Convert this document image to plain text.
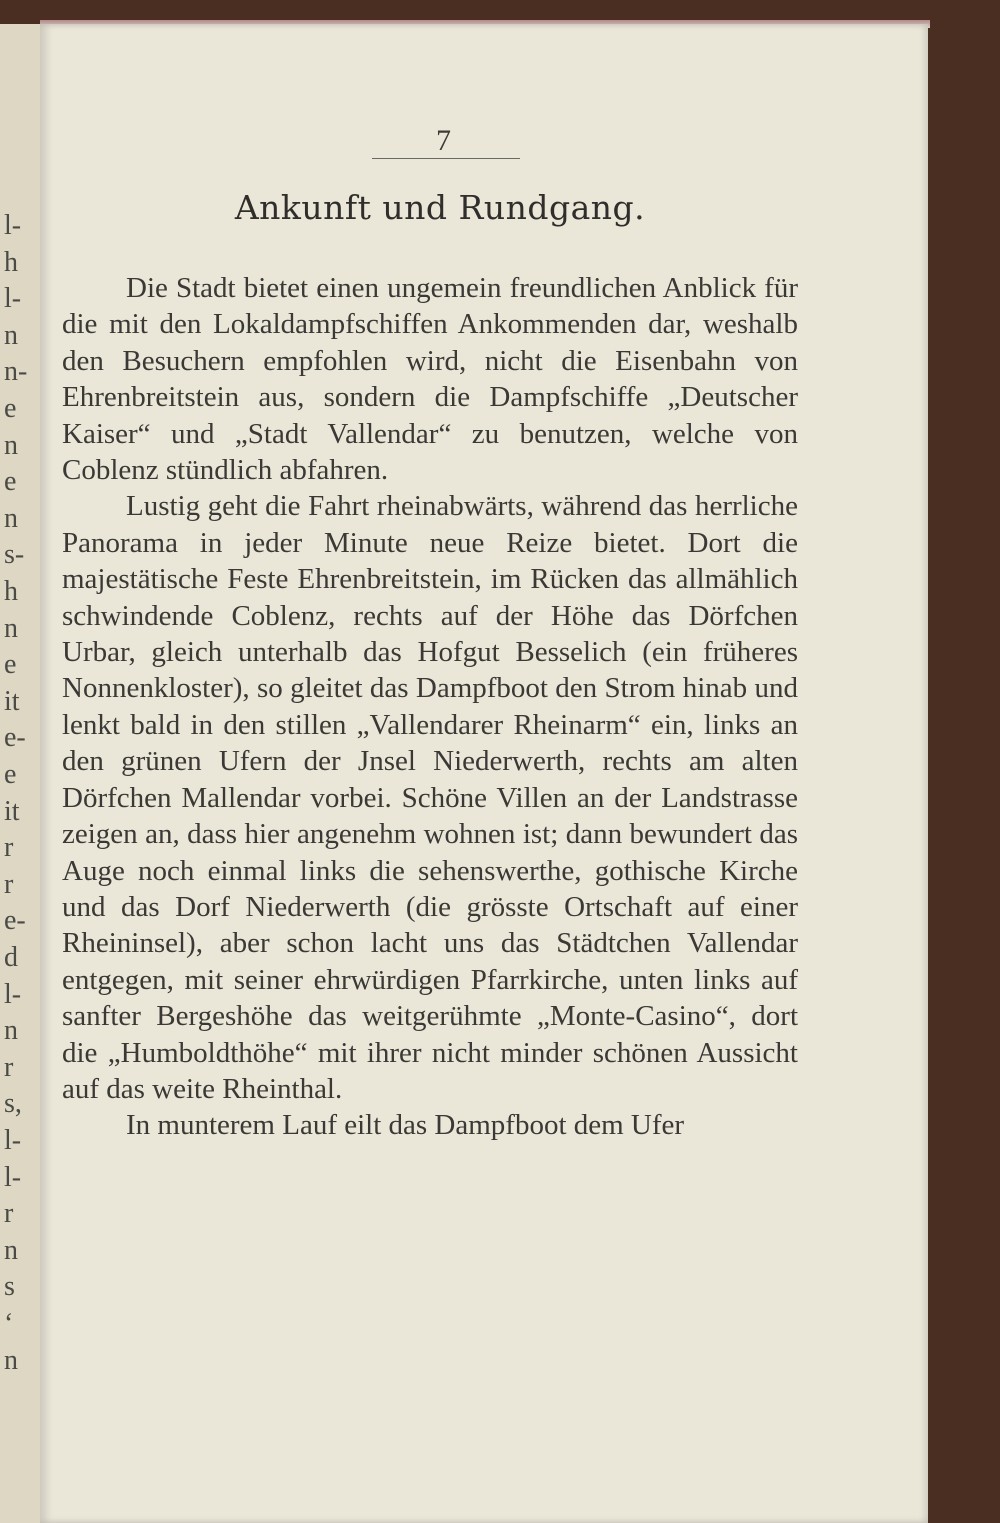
l-
h
l-
n
n-
e
n
e
n
s-
h
n
e
it
e-
e
it
r
r
e-
d
l-
n
r
s,
l-
l-
r
n
s
‘
n
7
Ankunft und Rundgang.

Die Stadt bietet einen ungemein freundlichen Anblick für die mit den Lokaldampfschiffen Ankommenden dar, weshalb den Besuchern empfohlen wird, nicht die Eisenbahn von Ehrenbreitstein aus, sondern die Dampfschiffe „Deutscher Kaiser“ und „Stadt Vallendar“ zu benutzen, welche von Coblenz stündlich abfahren.

Lustig geht die Fahrt rheinabwärts, während das herrliche Panorama in jeder Minute neue Reize bietet. Dort die majestätische Feste Ehrenbreitstein, im Rücken das allmählich schwindende Coblenz, rechts auf der Höhe das Dörfchen Urbar, gleich unterhalb das Hofgut Besselich (ein früheres Nonnenkloster), so gleitet das Dampfboot den Strom hinab und lenkt bald in den stillen „Vallendarer Rheinarm“ ein, links an den grünen Ufern der Jnsel Niederwerth, rechts am alten Dörfchen Mallendar vorbei. Schöne Villen an der Landstrasse zeigen an, dass hier angenehm wohnen ist; dann bewundert das Auge noch einmal links die sehenswerthe, gothische Kirche und das Dorf Niederwerth (die grösste Ortschaft auf einer Rheininsel), aber schon lacht uns das Städtchen Vallendar entgegen, mit seiner ehrwürdigen Pfarrkirche, unten links auf sanfter Bergeshöhe das weitgerühmte „Monte-Casino“, dort die „Humboldthöhe“ mit ihrer nicht minder schönen Aussicht auf das weite Rheinthal.

In munterem Lauf eilt das Dampfboot dem Ufer
